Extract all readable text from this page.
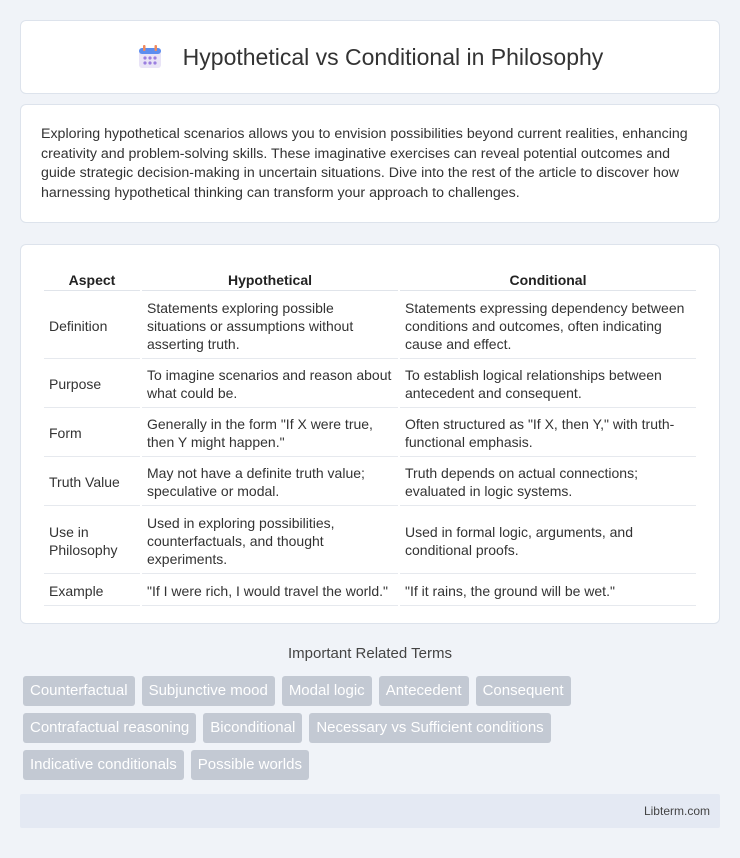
Hypothetical vs Conditional in Philosophy

Exploring hypothetical scenarios allows you to envision possibilities beyond current realities, enhancing creativity and problem-solving skills. These imaginative exercises can reveal potential outcomes and guide strategic decision-making in uncertain situations. Dive into the rest of the article to discover how harnessing hypothetical thinking can transform your approach to challenges.

Aspect	Hypothetical	Conditional
Definition	Statements exploring possible situations or assumptions without asserting truth.	Statements expressing dependency between conditions and outcomes, often indicating cause and effect.
Purpose	To imagine scenarios and reason about what could be.	To establish logical relationships between antecedent and consequent.
Form	Generally in the form "If X were true, then Y might happen."	Often structured as "If X, then Y," with truth-functional emphasis.
Truth Value	May not have a definite truth value; speculative or modal.	Truth depends on actual connections; evaluated in logic systems.
Use in Philosophy	Used in exploring possibilities, counterfactuals, and thought experiments.	Used in formal logic, arguments, and conditional proofs.
Example	"If I were rich, I would travel the world."	"If it rains, the ground will be wet."
Important Related Terms
Counterfactual	Subjunctive mood	Modal logic	Antecedent	Consequent
Contrafactual reasoning	Biconditional	Necessary vs Sufficient conditions
Indicative conditionals	Possible worlds
Libterm.com
